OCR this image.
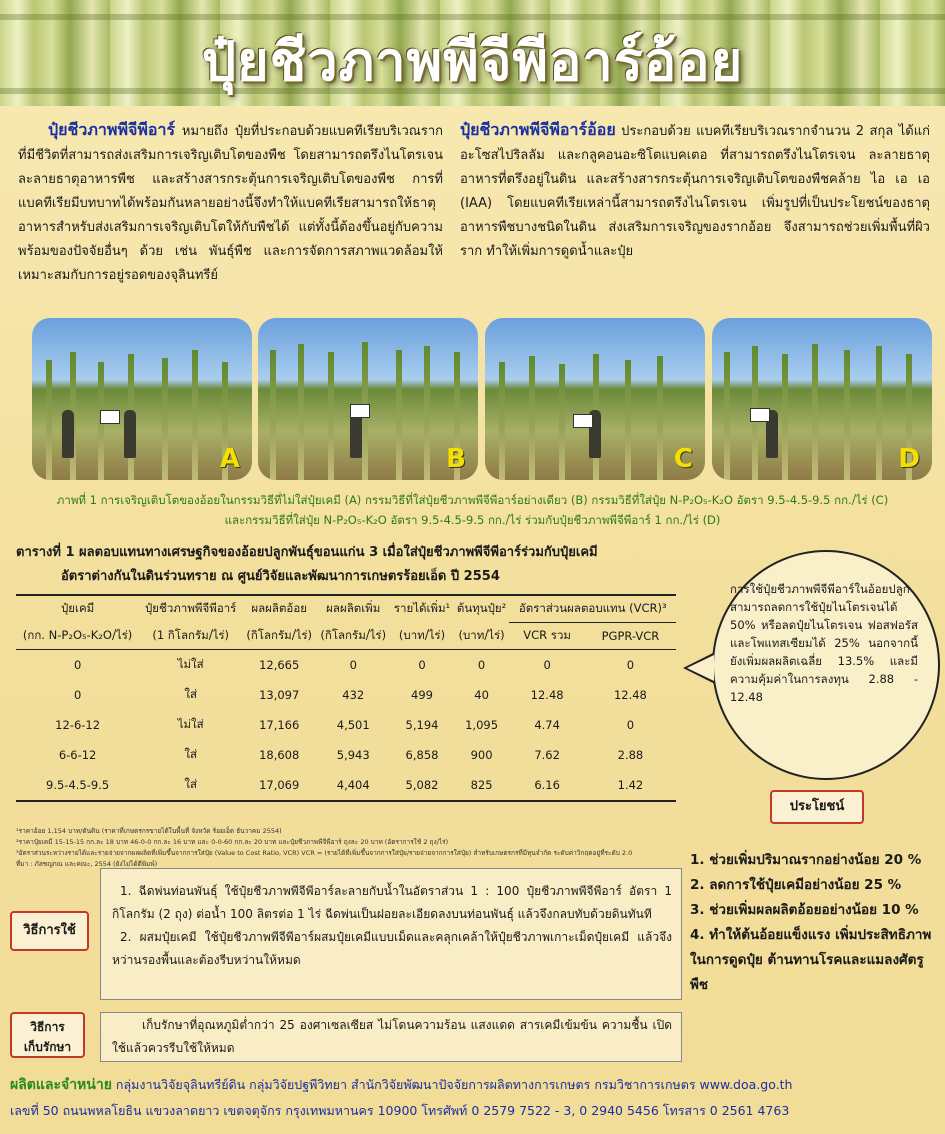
ปุ๋ยชีวภาพพีจีพีอาร์อ้อย
ปุ๋ยชีวภาพพีจีพีอาร์ หมายถึง ปุ๋ยที่ประกอบด้วยแบคทีเรียบริเวณรากที่มีชีวิตที่สามารถส่งเสริมการเจริญเติบโตของพืช โดยสามารถตรึงไนโตรเจน ละลายธาตุอาหารพืช และสร้างสารกระตุ้นการเจริญเติบโตของพืช การที่แบคทีเรียมีบทบาทได้พร้อมกันหลายอย่างนี้จึงทำให้แบคทีเรียสามารถให้ธาตุอาหารสำหรับส่งเสริมการเจริญเติบโตให้กับพืชได้ แต่ทั้งนี้ต้องขึ้นอยู่กับความพร้อมของปัจจัยอื่นๆ ด้วย เช่น พันธุ์พืช และการจัดการสภาพแวดล้อมให้เหมาะสมกับการอยู่รอดของจุลินทรีย์
ปุ๋ยชีวภาพพีจีพีอาร์อ้อย ประกอบด้วย แบคทีเรียบริเวณรากจำนวน 2 สกุล ได้แก่ อะโซสไปริลลัม และกลูคอนอะซิโตแบคเตอ ที่สามารถตรึงไนโตรเจน ละลายธาตุอาหารที่ตรึงอยู่ในดิน และสร้างสารกระตุ้นการเจริญเติบโตของพืชคล้าย ไอ เอ เอ (IAA) โดยแบคทีเรียเหล่านี้สามารถตรึงไนโตรเจน เพิ่มรูปที่เป็นประโยชน์ของธาตุอาหารพืชบางชนิดในดิน ส่งเสริมการเจริญของรากอ้อย จึงสามารถช่วยเพิ่มพื้นที่ผิวราก ทำให้เพิ่มการดูดน้ำและปุ๋ย
A	B	C	D
ภาพที่ 1 การเจริญเติบโตของอ้อยในกรรมวิธีที่ไม่ใส่ปุ๋ยเคมี (A) กรรมวิธีที่ใส่ปุ๋ยชีวภาพพีจีพีอาร์อย่างเดียว (B) กรรมวิธีที่ใส่ปุ๋ย N-P₂O₅-K₂O อัตรา 9.5-4.5-9.5 กก./ไร่ (C)
และกรรมวิธีที่ใส่ปุ๋ย N-P₂O₅-K₂O อัตรา 9.5-4.5-9.5 กก./ไร่ ร่วมกับปุ๋ยชีวภาพพีจีพีอาร์ 1 กก./ไร่ (D)
ตารางที่ 1 ผลตอบแทนทางเศรษฐกิจของอ้อยปลูกพันธุ์ขอนแก่น 3 เมื่อใส่ปุ๋ยชีวภาพพีจีพีอาร์ร่วมกับปุ๋ยเคมี
อัตราต่างกันในดินร่วนทราย ณ ศูนย์วิจัยและพัฒนาการเกษตรร้อยเอ็ด ปี 2554
ปุ๋ยเคมี	ปุ๋ยชีวภาพพีจีพีอาร์	ผลผลิตอ้อย	ผลผลิตเพิ่ม	รายได้เพิ่ม¹	ต้นทุนปุ๋ย²	อัตราส่วนผลตอบแทน (VCR)³	
(กก. N-P₂O₅-K₂O/ไร่)	(1 กิโลกรัม/ไร่)	(กิโลกรัม/ไร่)	(กิโลกรัม/ไร่)	(บาท/ไร่)	(บาท/ไร่)	VCR รวม	PGPR-VCR
0	ไม่ใส่	12,665	0	0	0	0	0
0	ใส่	13,097	432	499	40	12.48	12.48
12-6-12	ไม่ใส่	17,166	4,501	5,194	1,095	4.74	0
6-6-12	ใส่	18,608	5,943	6,858	900	7.62	2.88
9.5-4.5-9.5	ใส่	17,069	4,404	5,082	825	6.16	1.42
¹ราคาอ้อย 1,154 บาท/ตันดิน (ราคาที่เกษตรกรขายได้ในพื้นที่ จังหวัด ร้อยเอ็ด ธันวาคม 2554)
²ราคาปุ๋ยเคมี 15-15-15 กก.ละ 18 บาท 46-0-0 กก.ละ 16 บาท และ 0-0-60 กก.ละ 20 บาท และปุ๋ยชีวภาพพีจีพีอาร์ ถุงละ 20 บาท (อัตราการใช้ 2 ถุง/ไร่)
³อัตราส่วนระหว่างรายได้และรายจ่ายจากผลผลิตที่เพิ่มขึ้นจากการใส่ปุ๋ย (Value to Cost Ratio, VCR) VCR = (รายได้ที่เพิ่มขึ้นจากการใส่ปุ๋ย/รายจ่ายจากการใส่ปุ๋ย) สำหรับเกษตรกรที่มีทุนจำกัด ระดับค่าวิกฤตอยู่ที่ระดับ 2.0
ที่มา : ภัสชญกณ และคณะ, 2554 (ยังไม่ได้ตีพิมพ์)
การใช้ปุ๋ยชีวภาพพีจีพีอาร์ในอ้อยปลูก สามารถลดการใช้ปุ๋ยไนโตรเจนได้ 50% หรือลดปุ๋ยไนโตรเจน ฟอสฟอรัส และโพแทสเซียมได้ 25% นอกจากนี้ยังเพิ่มผลผลิตเฉลี่ย 13.5% และมีความคุ้มค่าในการลงทุน 2.88 - 12.48
ประโยชน์
1. ช่วยเพิ่มปริมาณรากอย่างน้อย 20 %
2. ลดการใช้ปุ๋ยเคมีอย่างน้อย 25 %
3. ช่วยเพิ่มผลผลิตอ้อยอย่างน้อย 10 %
4. ทำให้ต้นอ้อยแข็งแรง เพิ่มประสิทธิภาพในการดูดปุ๋ย ต้านทานโรคและแมลงศัตรูพืช
วิธีการใช้
1. ฉีดพ่นท่อนพันธุ์ ใช้ปุ๋ยชีวภาพพีจีพีอาร์ละลายกับน้ำในอัตราส่วน 1 : 100 ปุ๋ยชีวภาพพีจีพีอาร์ อัตรา 1 กิโลกรัม (2 ถุง) ต่อน้ำ 100 ลิตรต่อ 1 ไร่ ฉีดพ่นเป็นฝอยละเอียดลงบนท่อนพันธุ์ แล้วจึงกลบทับด้วยดินทันที
2. ผสมปุ๋ยเคมี ใช้ปุ๋ยชีวภาพพีจีพีอาร์ผสมปุ๋ยเคมีแบบเม็ดและคลุกเคล้าให้ปุ๋ยชีวภาพเกาะเม็ดปุ๋ยเคมี แล้วจึงหว่านรองพื้นและต้องรีบหว่านให้หมด
วิธีการ
เก็บรักษา
เก็บรักษาที่อุณหภูมิต่ำกว่า 25 องศาเซลเซียส ไม่โดนความร้อน แสงแดด สารเคมีเข้มข้น ความชื้น เปิดใช้แล้วควรรีบใช้ให้หมด
ผลิตและจำหน่าย กลุ่มงานวิจัยจุลินทรีย์ดิน กลุ่มวิจัยปฐพีวิทยา สำนักวิจัยพัฒนาปัจจัยการผลิตทางการเกษตร กรมวิชาการเกษตร www.doa.go.th
เลขที่ 50 ถนนพหลโยธิน แขวงลาดยาว เขตจตุจักร กรุงเทพมหานคร 10900 โทรศัพท์ 0 2579 7522 - 3, 0 2940 5456 โทรสาร 0 2561 4763
